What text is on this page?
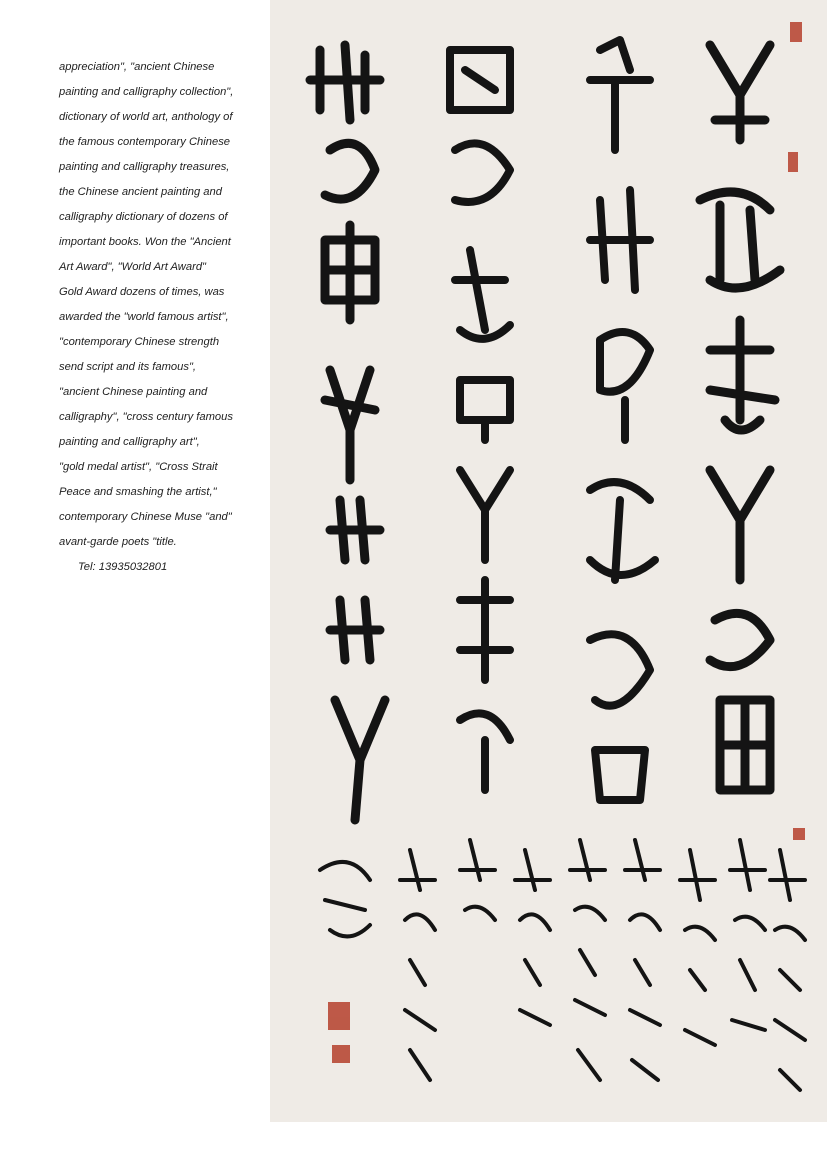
appreciation", "ancient Chinese
painting and calligraphy collection",
dictionary of world art, anthology of
the famous contemporary Chinese
painting and calligraphy treasures,
the Chinese ancient painting and
calligraphy dictionary of dozens of
important books. Won the "Ancient
Art Award", "World Art Award"
Gold Award dozens of times, was
awarded the "world famous artist",
"contemporary Chinese strength
send script and its famous",
"ancient Chinese painting and
calligraphy", "cross century famous
painting and calligraphy art",
"gold medal artist", "Cross Strait
Peace and smashing the artist,"
contemporary Chinese Muse "and"
avant-garde poets "title.
Tel: 13935032801
